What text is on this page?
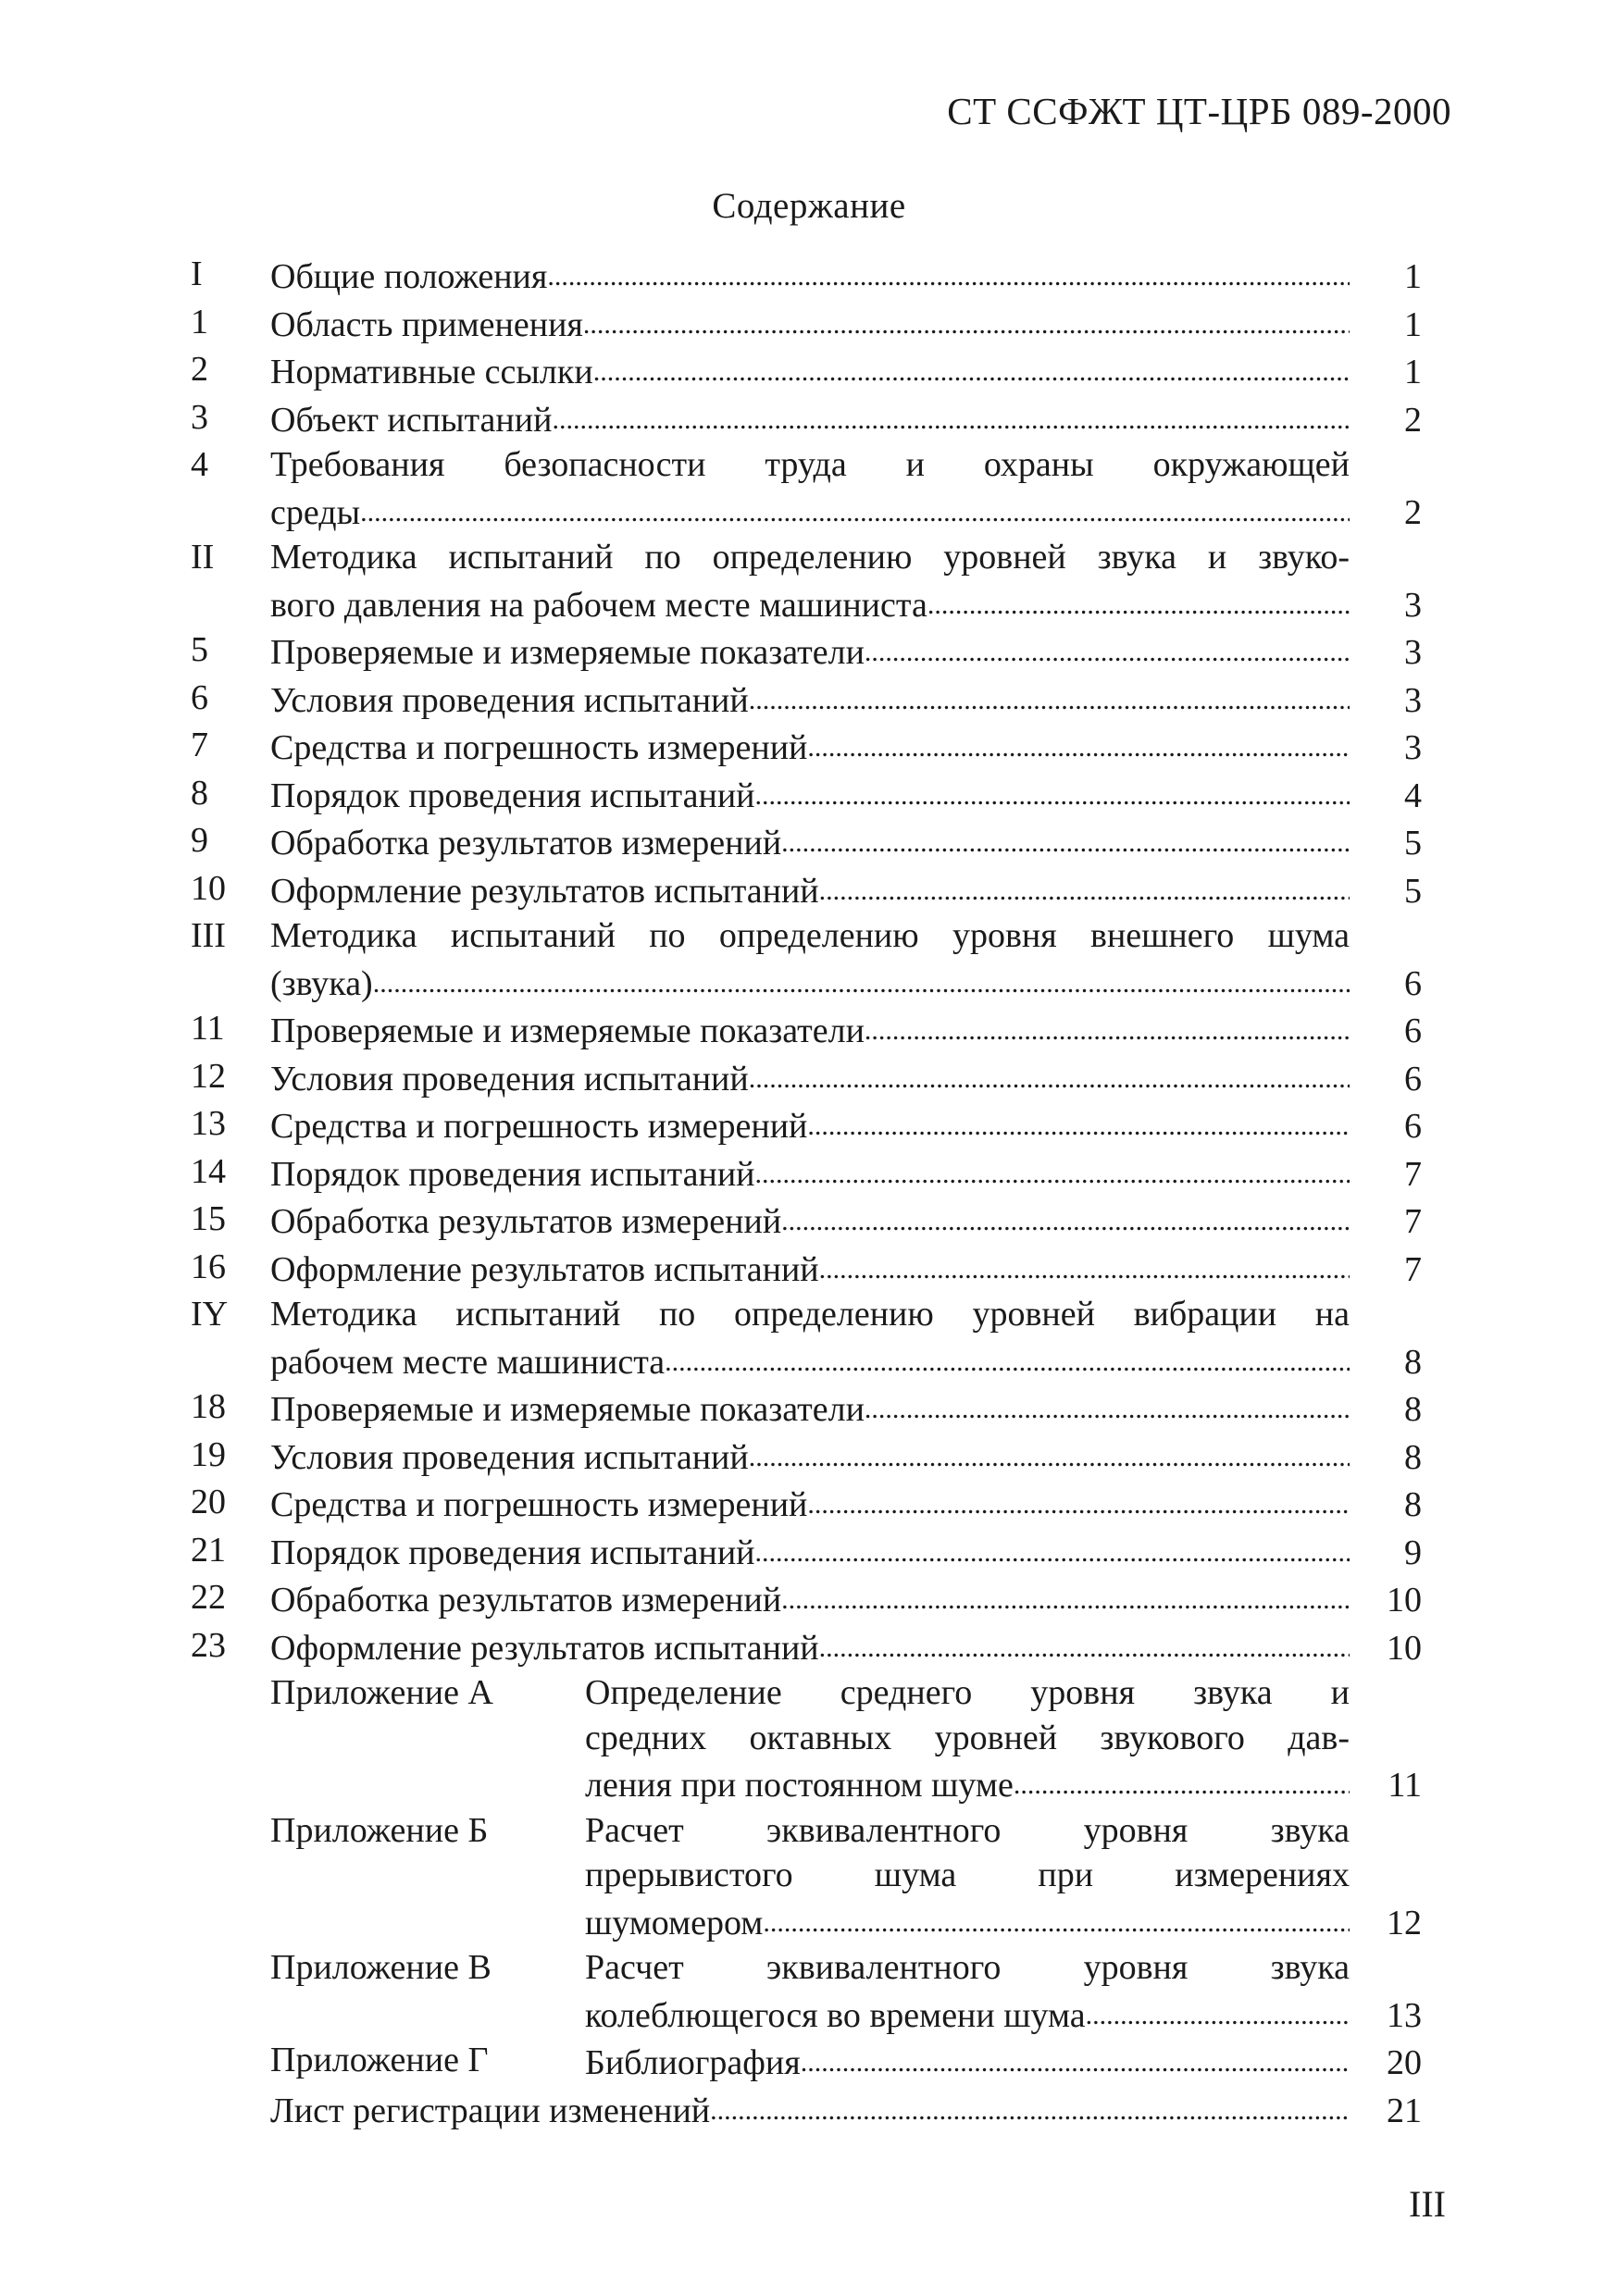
СТ ССФЖТ ЦТ-ЦРБ 089-2000
Содержание
I	Общие положения .....	1
1	Область применения .....	1
2	Нормативные ссылки .....	1
3	Объект испытаний .....	2
4	Требования безопасности труда и охраны окружающей
среды .....	2
II	Методика испытаний по определению уровней звука и звуко-
вого давления на рабочем месте машиниста .....	3
5	Проверяемые и измеряемые показатели .....	3
6	Условия проведения испытаний .....	3
7	Средства и погрешность измерений .....	3
8	Порядок проведения испытаний .....	4
9	Обработка результатов измерений .....	5
10	Оформление результатов испытаний .....	5
III	Методика испытаний по определению уровня внешнего шума
(звука) .....	6
11	Проверяемые и измеряемые показатели .....	6
12	Условия проведения испытаний .....	6
13	Средства и погрешность измерений .....	6
14	Порядок проведения испытаний .....	7
15	Обработка результатов измерений .....	7
16	Оформление результатов испытаний .....	7
IY	Методика испытаний по определению уровней вибрации на
рабочем месте машиниста .....	8
18	Проверяемые и измеряемые показатели .....	8
19	Условия проведения испытаний .....	8
20	Средства и погрешность измерений .....	8
21	Порядок проведения испытаний .....	9
22	Обработка результатов измерений .....	10
23	Оформление результатов испытаний .....	10
Приложение А	Определение среднего уровня звука и
средних октавных уровней звукового дав-
ления при постоянном шуме .....	11
Приложение Б	Расчет эквивалентного уровня звука
прерывистого шума при измерениях
шумомером .....	12
Приложение В	Расчет эквивалентного уровня звука
колеблющегося во времени шума .....	13
Приложение Г	Библиография .....	20
Лист регистрации изменений .....	21
III
